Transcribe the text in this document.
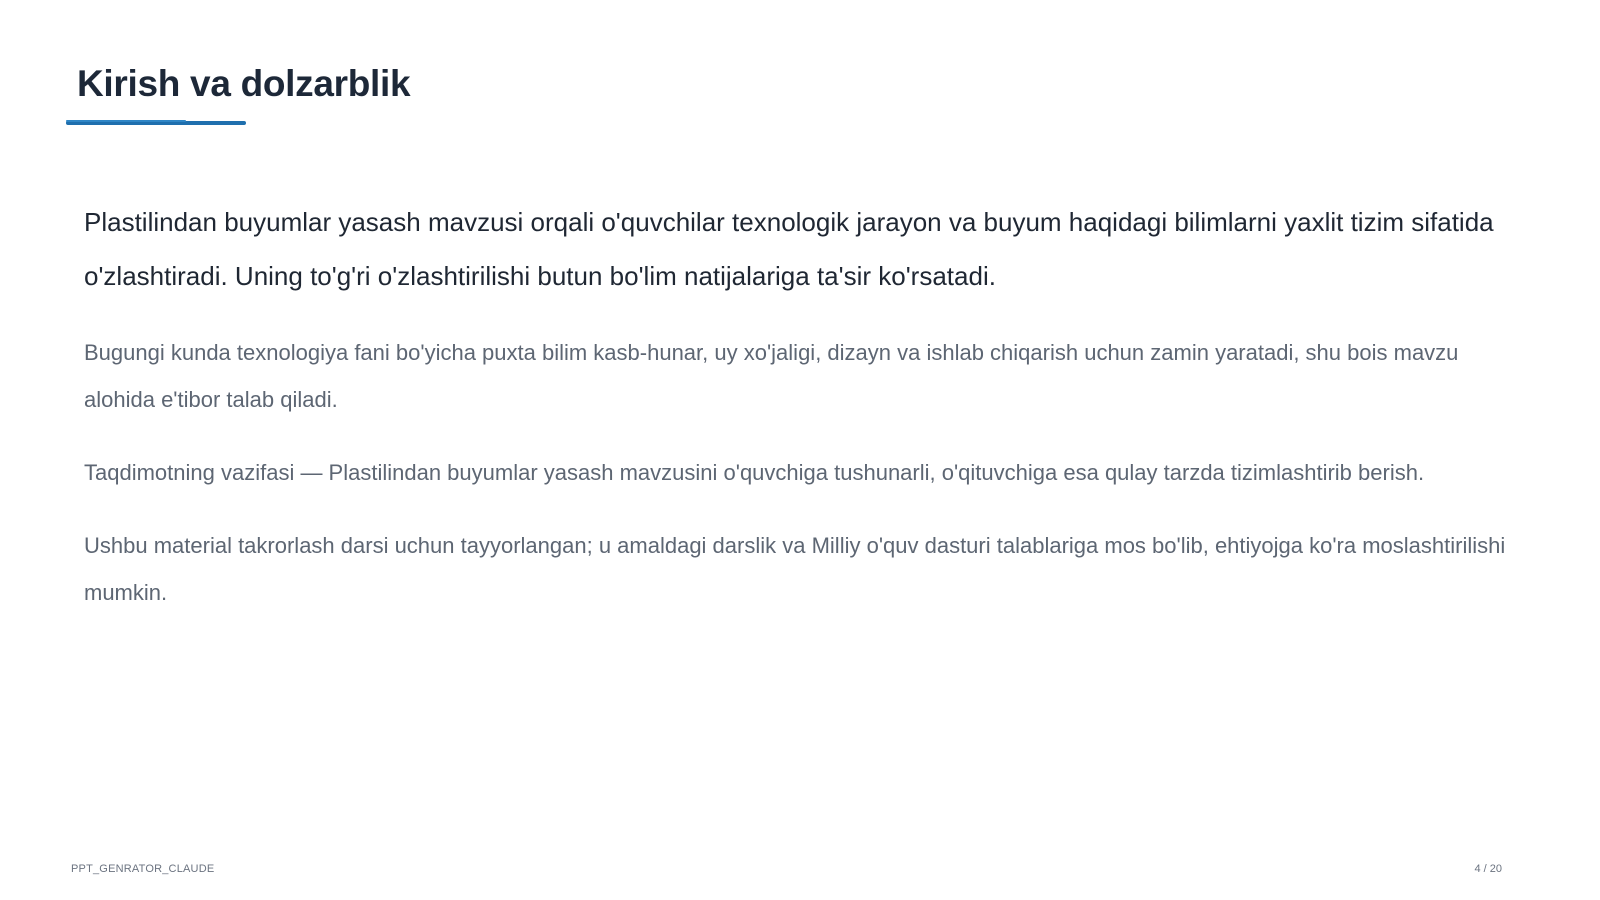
Kirish va dolzarblik

Plastilindan buyumlar yasash mavzusi orqali o'quvchilar texnologik jarayon va buyum haqidagi bilimlarni yaxlit tizim sifatida o'zlashtiradi. Uning to'g'ri o'zlashtirilishi butun bo'lim natijalariga ta'sir ko'rsatadi.

Bugungi kunda texnologiya fani bo'yicha puxta bilim kasb-hunar, uy xo'jaligi, dizayn va ishlab chiqarish uchun zamin yaratadi, shu bois mavzu alohida e'tibor talab qiladi.

Taqdimotning vazifasi — Plastilindan buyumlar yasash mavzusini o'quvchiga tushunarli, o'qituvchiga esa qulay tarzda tizimlashtirib berish.

Ushbu material takrorlash darsi uchun tayyorlangan; u amaldagi darslik va Milliy o'quv dasturi talablariga mos bo'lib, ehtiyojga ko'ra moslashtirilishi mumkin.

PPT_GENRATOR_CLAUDE	4 / 20
